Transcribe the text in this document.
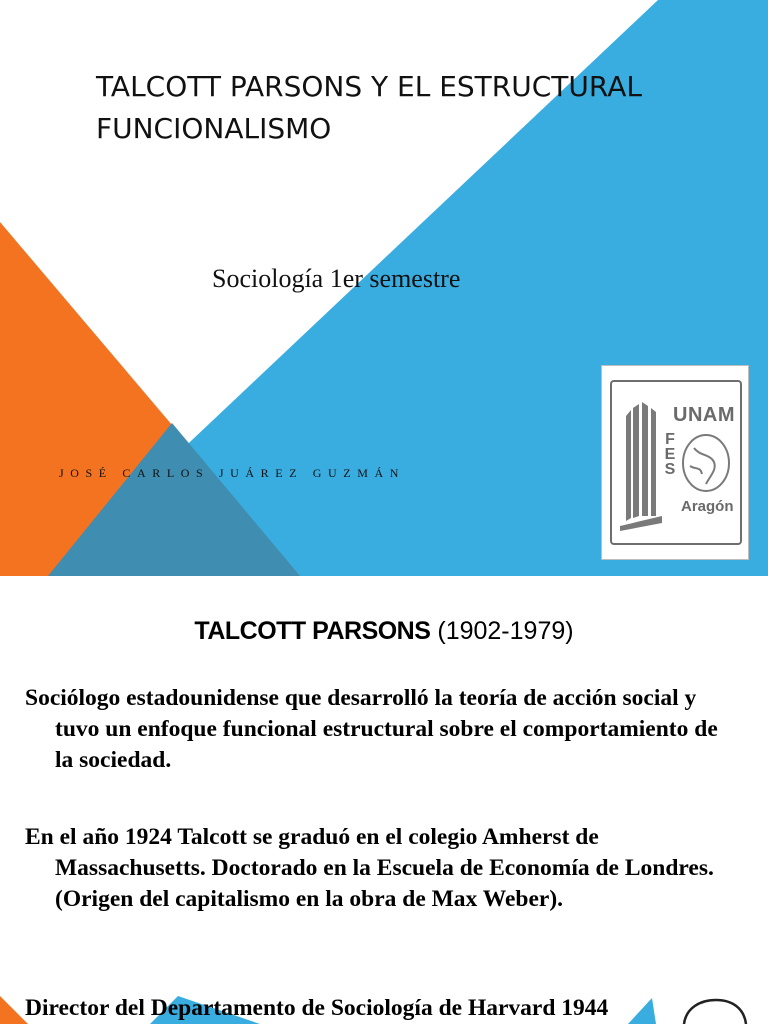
TALCOTT PARSONS Y EL ESTRUCTURAL
FUNCIONALISMO
Sociología 1er semestre
JOSÉ CARLOS JUÁREZ GUZMÁN
UNAM
F
E
S
Aragón
TALCOTT PARSONS (1902-1979)

Sociólogo estadounidense que desarrolló la teoría de acción social y tuvo un enfoque funcional estructural sobre el comportamiento de la sociedad.

En el año 1924 Talcott se graduó en el colegio Amherst de Massachusetts. Doctorado en la Escuela de Economía de Londres. (Origen del capitalismo en la obra de Max Weber).

Director del Departamento de Sociología de Harvard 1944
